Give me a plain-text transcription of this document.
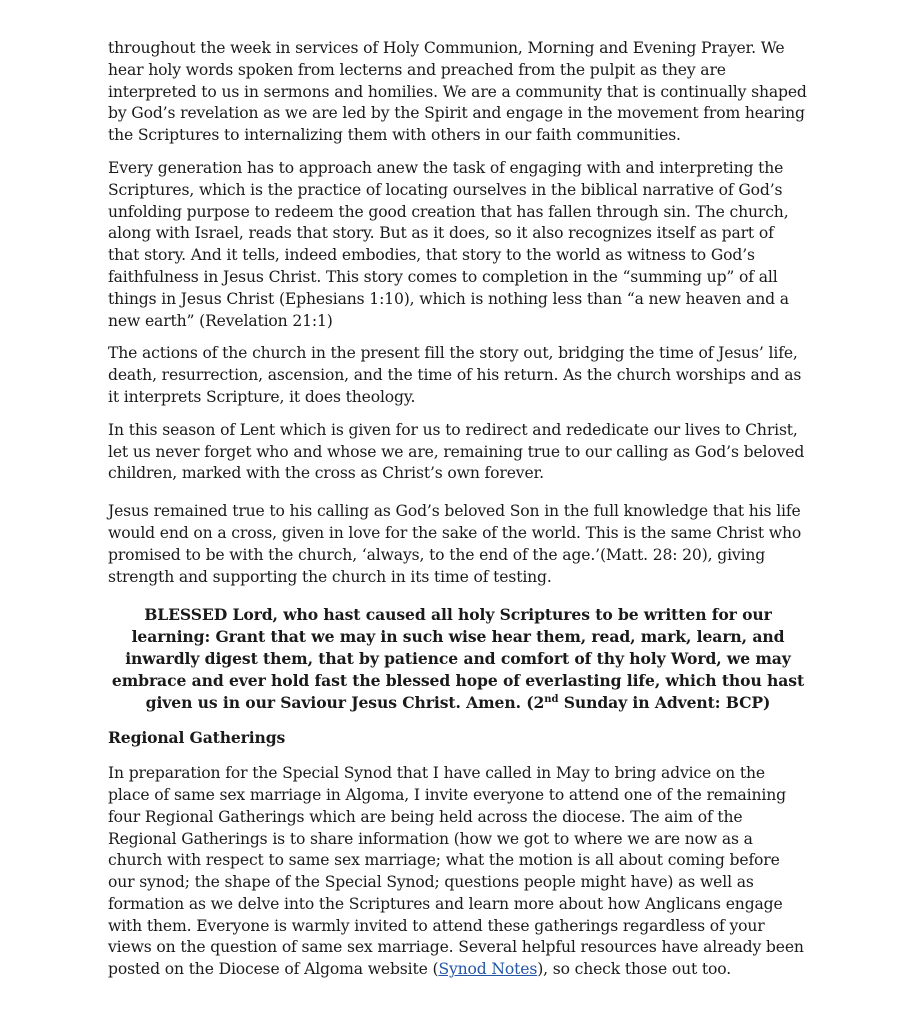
throughout the week in services of Holy Communion, Morning and Evening Prayer. We hear holy words spoken from lecterns and preached from the pulpit as they are interpreted to us in sermons and homilies. We are a community that is continually shaped by God’s revelation as we are led by the Spirit and engage in the movement from hearing the Scriptures to internalizing them with others in our faith communities.

Every generation has to approach anew the task of engaging with and interpreting the Scriptures, which is the practice of locating ourselves in the biblical narrative of God’s unfolding purpose to redeem the good creation that has fallen through sin. The church, along with Israel, reads that story. But as it does, so it also recognizes itself as part of that story. And it tells, indeed embodies, that story to the world as witness to God’s faithfulness in Jesus Christ. This story comes to completion in the “summing up” of all things in Jesus Christ (Ephesians 1:10), which is nothing less than “a new heaven and a new earth” (Revelation 21:1)

The actions of the church in the present fill the story out, bridging the time of Jesus’ life, death, resurrection, ascension, and the time of his return. As the church worships and as it interprets Scripture, it does theology.

In this season of Lent which is given for us to redirect and rededicate our lives to Christ, let us never forget who and whose we are, remaining true to our calling as God’s beloved children, marked with the cross as Christ’s own forever.

Jesus remained true to his calling as God’s beloved Son in the full knowledge that his life would end on a cross, given in love for the sake of the world. This is the same Christ who promised to be with the church, ‘always, to the end of the age.’(Matt. 28: 20), giving strength and supporting the church in its time of testing.

BLESSED Lord, who hast caused all holy Scriptures to be written for our learning: Grant that we may in such wise hear them, read, mark, learn, and inwardly digest them, that by patience and comfort of thy holy Word, we may embrace and ever hold fast the blessed hope of everlasting life, which thou hast given us in our Saviour Jesus Christ. Amen. (2nd Sunday in Advent: BCP)

Regional Gatherings

In preparation for the Special Synod that I have called in May to bring advice on the place of same sex marriage in Algoma, I invite everyone to attend one of the remaining four Regional Gatherings which are being held across the diocese. The aim of the Regional Gatherings is to share information (how we got to where we are now as a church with respect to same sex marriage; what the motion is all about coming before our synod; the shape of the Special Synod; questions people might have) as well as formation as we delve into the Scriptures and learn more about how Anglicans engage with them. Everyone is warmly invited to attend these gatherings regardless of your views on the question of same sex marriage. Several helpful resources have already been posted on the Diocese of Algoma website (Synod Notes), so check those out too.
